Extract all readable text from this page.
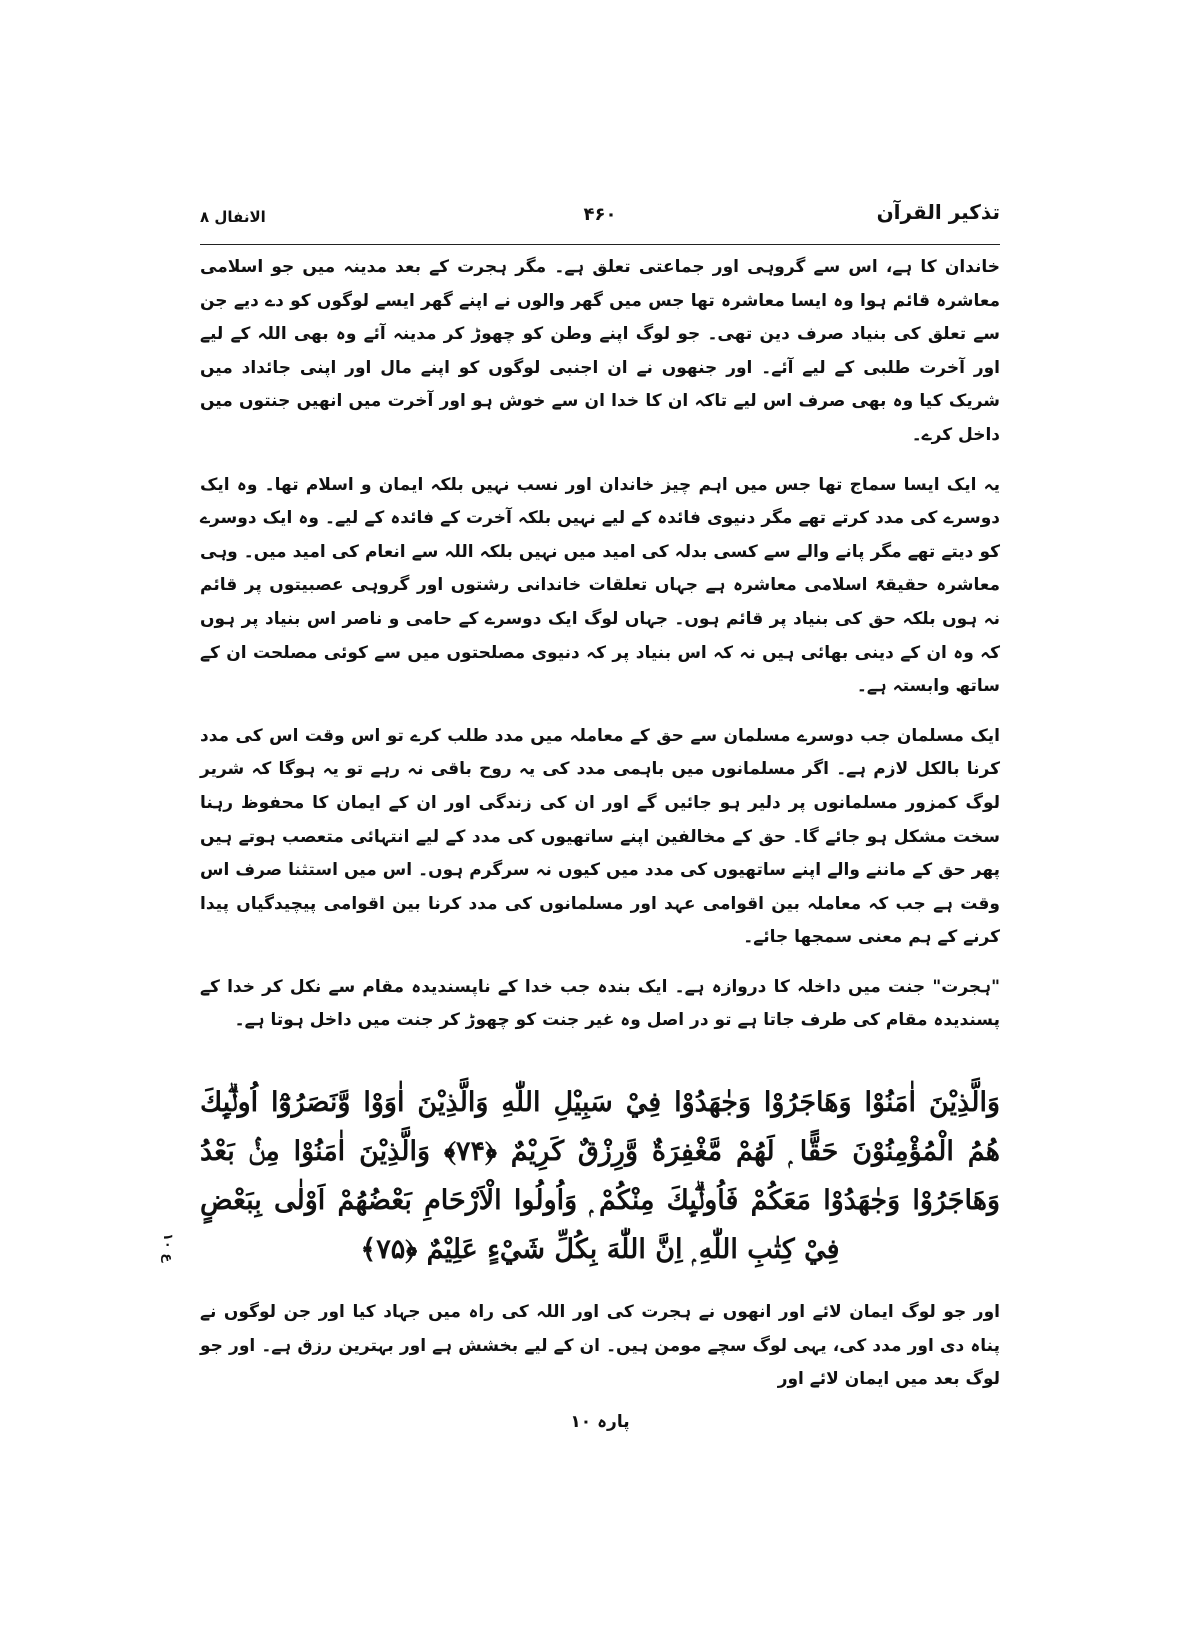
تذکیر القرآن
۴۶۰
الانفال ۸

خاندان کا ہے، اس سے گروہی اور جماعتی تعلق ہے۔ مگر ہجرت کے بعد مدینہ میں جو اسلامی معاشرہ قائم ہوا وہ ایسا معاشرہ تھا جس میں گھر والوں نے اپنے گھر ایسے لوگوں کو دے دیے جن سے تعلق کی بنیاد صرف دین تھی۔ جو لوگ اپنے وطن کو چھوڑ کر مدینہ آئے وہ بھی اللہ کے لیے اور آخرت طلبی کے لیے آئے۔ اور جنھوں نے ان اجنبی لوگوں کو اپنے مال اور اپنی جائداد میں شریک کیا وہ بھی صرف اس لیے تاکہ ان کا خدا ان سے خوش ہو اور آخرت میں انھیں جنتوں میں داخل کرے۔

یہ ایک ایسا سماج تھا جس میں اہم چیز خاندان اور نسب نہیں بلکہ ایمان و اسلام تھا۔ وہ ایک دوسرے کی مدد کرتے تھے مگر دنیوی فائدہ کے لیے نہیں بلکہ آخرت کے فائدہ کے لیے۔ وہ ایک دوسرے کو دیتے تھے مگر پانے والے سے کسی بدلہ کی امید میں نہیں بلکہ اللہ سے انعام کی امید میں۔ وہی معاشرہ حقیقۃً اسلامی معاشرہ ہے جہاں تعلقات خاندانی رشتوں اور گروہی عصبیتوں پر قائم نہ ہوں بلکہ حق کی بنیاد پر قائم ہوں۔ جہاں لوگ ایک دوسرے کے حامی و ناصر اس بنیاد پر ہوں کہ وہ ان کے دینی بھائی ہیں نہ کہ اس بنیاد پر کہ دنیوی مصلحتوں میں سے کوئی مصلحت ان کے ساتھ وابستہ ہے۔

ایک مسلمان جب دوسرے مسلمان سے حق کے معاملہ میں مدد طلب کرے تو اس وقت اس کی مدد کرنا بالکل لازم ہے۔ اگر مسلمانوں میں باہمی مدد کی یہ روح باقی نہ رہے تو یہ ہوگا کہ شریر لوگ کمزور مسلمانوں پر دلیر ہو جائیں گے اور ان کی زندگی اور ان کے ایمان کا محفوظ رہنا سخت مشکل ہو جائے گا۔ حق کے مخالفین اپنے ساتھیوں کی مدد کے لیے انتہائی متعصب ہوتے ہیں پھر حق کے ماننے والے اپنے ساتھیوں کی مدد میں کیوں نہ سرگرم ہوں۔ اس میں استثنا صرف اس وقت ہے جب کہ معاملہ بین اقوامی عہد اور مسلمانوں کی مدد کرنا بین اقوامی پیچیدگیاں پیدا کرنے کے ہم معنی سمجھا جائے۔

"ہجرت" جنت میں داخلہ کا دروازہ ہے۔ ایک بندہ جب خدا کے ناپسندیدہ مقام سے نکل کر خدا کے پسندیدہ مقام کی طرف جاتا ہے تو در اصل وہ غیر جنت کو چھوڑ کر جنت میں داخل ہوتا ہے۔

وَالَّذِيْنَ اٰمَنُوْا وَهَاجَرُوْا وَجٰهَدُوْا فِيْ سَبِيْلِ اللّٰهِ وَالَّذِيْنَ اٰوَوْا وَّنَصَرُوْٓا اُولٰۗىِٕكَ هُمُ الْمُؤْمِنُوْنَ حَقًّا ۭ لَهُمْ مَّغْفِرَةٌ وَّرِزْقٌ كَرِيْمٌ ﴿۷۴﴾ وَالَّذِيْنَ اٰمَنُوْا مِنْۢ بَعْدُ وَهَاجَرُوْا وَجٰهَدُوْا مَعَكُمْ فَاُولٰۗىِٕكَ مِنْكُمْ ۭ وَاُولُوا الْاَرْحَامِ بَعْضُهُمْ اَوْلٰى بِبَعْضٍ فِيْ كِتٰبِ اللّٰهِ ۭ اِنَّ اللّٰهَ بِكُلِّ شَيْءٍ عَلِيْمٌ ﴿۷۵﴾

ع ۱۰

اور جو لوگ ایمان لائے اور انھوں نے ہجرت کی اور اللہ کی راہ میں جہاد کیا اور جن لوگوں نے پناہ دی اور مدد کی، یہی لوگ سچے مومن ہیں۔ ان کے لیے بخشش ہے اور بہترین رزق ہے۔ اور جو لوگ بعد میں ایمان لائے اور

پارہ ۱۰
